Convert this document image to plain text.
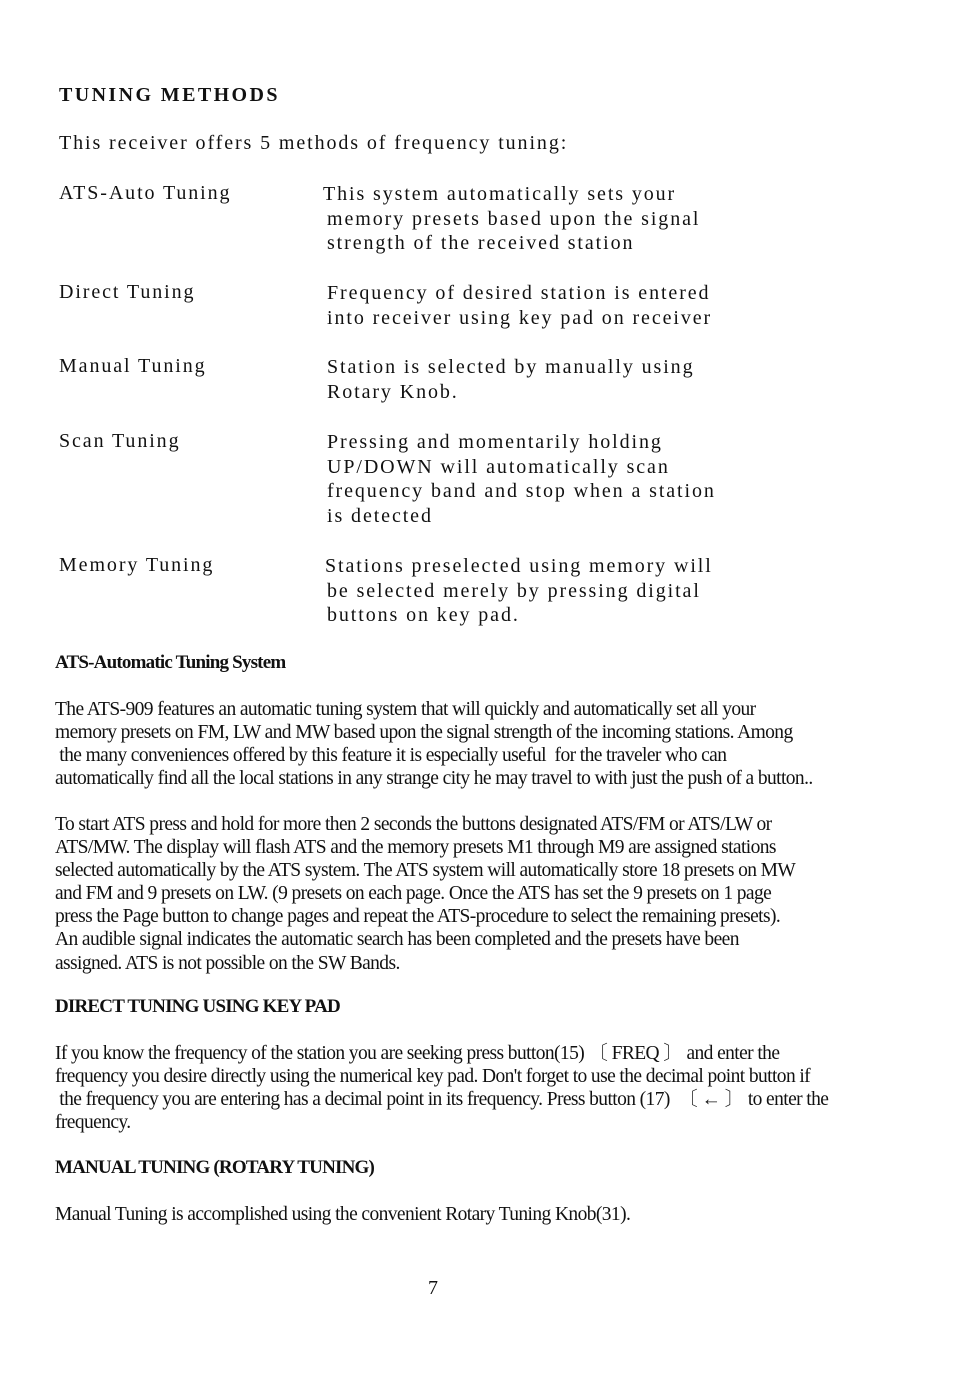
TUNING METHODS

This receiver offers 5 methods of frequency tuning:

ATS-Auto Tuning	This system automatically sets your
memory presets based upon the signal
strength of the received station

Direct Tuning	Frequency of desired station is entered
into receiver using key pad on receiver

Manual Tuning	Station is selected by manually using
Rotary Knob.

Scan Tuning	Pressing and momentarily holding
UP/DOWN will automatically scan
frequency band and stop when a station
is detected

Memory Tuning	Stations preselected using memory will
be selected merely by pressing digital
buttons on key pad.

ATS-Automatic Tuning System

The ATS-909 features an automatic tuning system that will quickly and automatically set all your
memory presets on FM, LW and MW based upon the signal strength of the incoming stations. Among
the many conveniences offered by this feature it is especially useful  for the traveler who can
automatically find all the local stations in any strange city he may travel to with just the push of a button..

To start ATS press and hold for more then 2 seconds the buttons designated ATS/FM or ATS/LW or
ATS/MW. The display will flash ATS and the memory presets M1 through M9 are assigned stations
selected automatically by the ATS system. The ATS system will automatically store 18 presets on MW
and FM and 9 presets on LW. (9 presets on each page. Once the ATS has set the 9 presets on 1 page
press the Page button to change pages and repeat the ATS-procedure to select the remaining presets).
An audible signal indicates the automatic search has been completed and the presets have been
assigned. ATS is not possible on the SW Bands.

DIRECT TUNING USING KEY PAD

If you know the frequency of the station you are seeking press button(15) 〔 FREQ 〕 and enter the
frequency you desire directly using the numerical key pad. Don't forget to use the decimal point button if
the frequency you are entering has a decimal point in its frequency. Press button (17)  〔 ← 〕 to enter the
frequency.

MANUAL TUNING (ROTARY TUNING)

Manual Tuning is accomplished using the convenient Rotary Tuning Knob(31).

7
